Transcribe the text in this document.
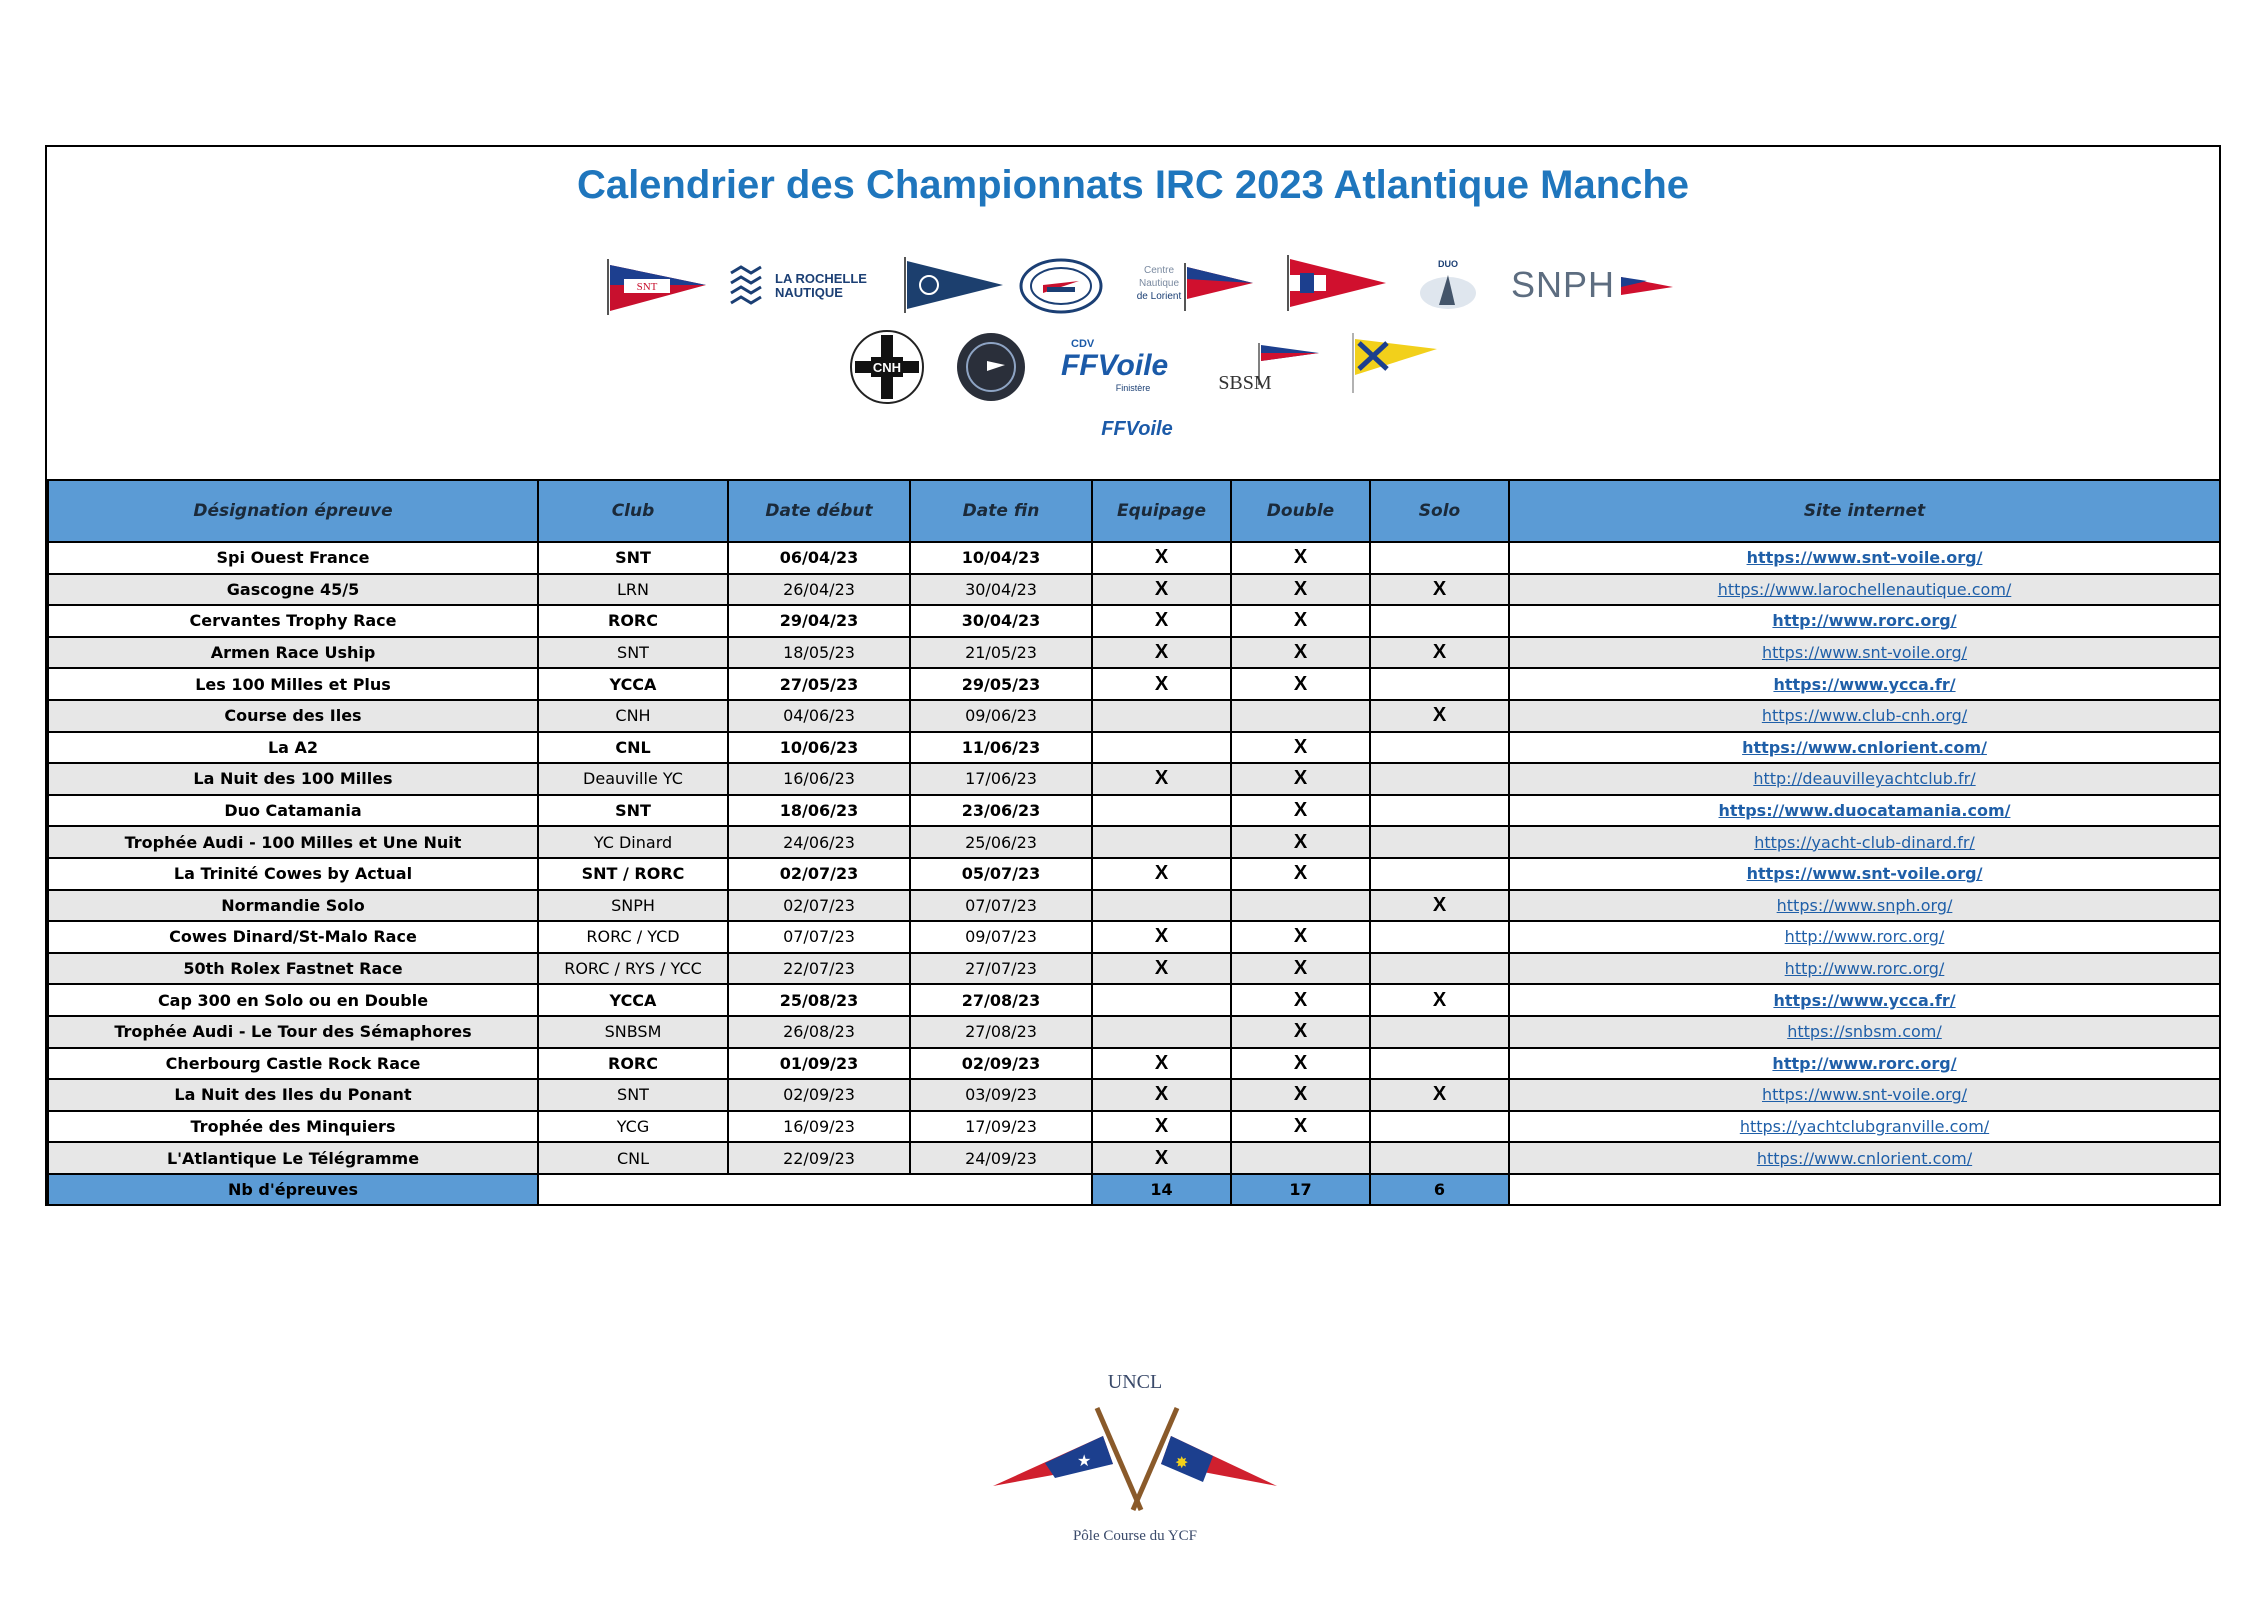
Calendrier des Championnats IRC 2023 Atlantique Manche
SNT
LA ROCHELLE
NAUTIQUE
Centre
Nautique
de Lorient
DUO SNPH
CNH
CDV
FFVoile
Finistère	SBSM
FFVoile
Désignation épreuve	Club	Date début	Date fin	Equipage	Double	Solo	Site internet
Spi Ouest France	SNT	06/04/23	10/04/23	X	X		https://www.snt-voile.org/
Gascogne 45/5	LRN	26/04/23	30/04/23	X	X	X	https://www.larochellenautique.com/
Cervantes Trophy Race	RORC	29/04/23	30/04/23	X	X		http://www.rorc.org/
Armen Race Uship	SNT	18/05/23	21/05/23	X	X	X	https://www.snt-voile.org/
Les 100 Milles et Plus	YCCA	27/05/23	29/05/23	X	X		https://www.ycca.fr/
Course des Iles	CNH	04/06/23	09/06/23			X	https://www.club-cnh.org/
La A2	CNL	10/06/23	11/06/23		X		https://www.cnlorient.com/
La Nuit des 100 Milles	Deauville YC	16/06/23	17/06/23	X	X		http://deauvilleyachtclub.fr/
Duo Catamania	SNT	18/06/23	23/06/23		X		https://www.duocatamania.com/
Trophée Audi - 100 Milles et Une Nuit	YC Dinard	24/06/23	25/06/23		X		https://yacht-club-dinard.fr/
La Trinité Cowes by Actual	SNT / RORC	02/07/23	05/07/23	X	X		https://www.snt-voile.org/
Normandie Solo	SNPH	02/07/23	07/07/23			X	https://www.snph.org/
Cowes Dinard/St-Malo Race	RORC / YCD	07/07/23	09/07/23	X	X		http://www.rorc.org/
50th Rolex Fastnet Race	RORC / RYS / YCC	22/07/23	27/07/23	X	X		http://www.rorc.org/
Cap 300 en Solo ou en Double	YCCA	25/08/23	27/08/23		X	X	https://www.ycca.fr/
Trophée Audi - Le Tour des Sémaphores	SNBSM	26/08/23	27/08/23		X		https://snbsm.com/
Cherbourg Castle Rock Race	RORC	01/09/23	02/09/23	X	X		http://www.rorc.org/
La Nuit des Iles du Ponant	SNT	02/09/23	03/09/23	X	X	X	https://www.snt-voile.org/
Trophée des Minquiers	YCG	16/09/23	17/09/23	X	X		https://yachtclubgranville.com/
L'Atlantique Le Télégramme	CNL	22/09/23	24/09/23	X			https://www.cnlorient.com/
Nb d'épreuves				14	17	6	
UNCL
★	✸
Pôle Course du YCF
